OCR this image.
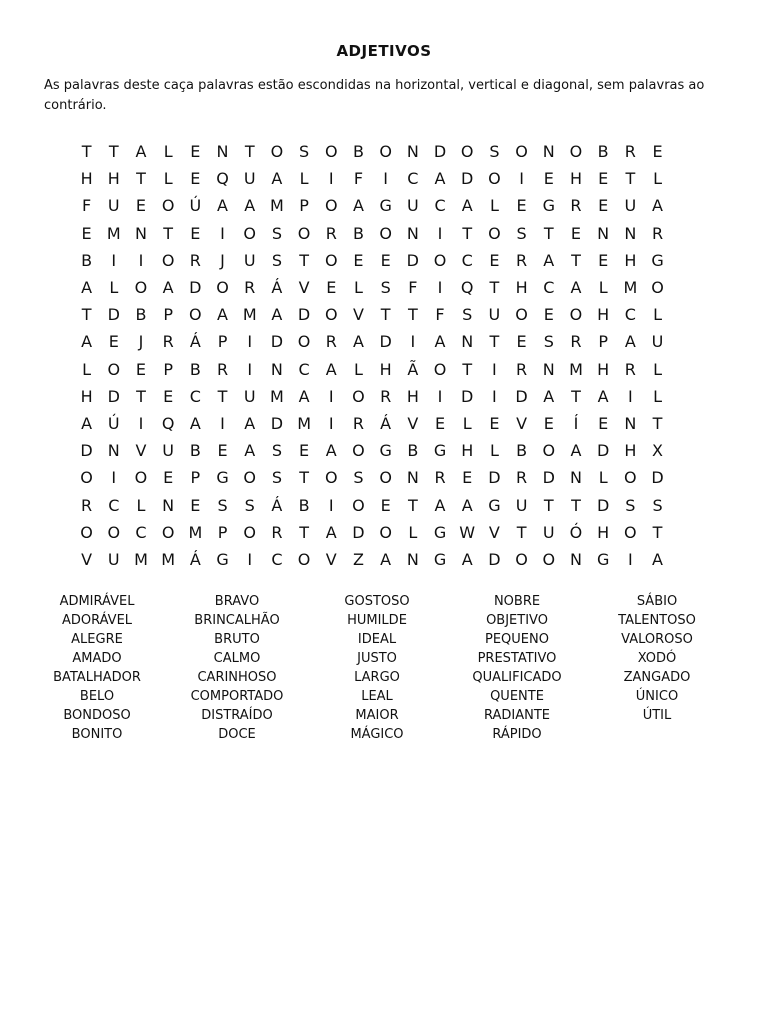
ADJETIVOS
As palavras deste caça palavras estão escondidas na horizontal, vertical e diagonal, sem palavras ao contrário.
T	T	A	L	E	N	T	O S O B O N D O S O N O B	R	E
H H	T	L	E Q U A	L	I	F	I	C	A D O	I	E	H	E	T	L
F	U	E O Ú A	A M P	O A G U C	A	L	E G R	E	U A
E M N	T	E	I	O S O R	B O N	I	T	O S	T	E	N N R
B	I	I	O R	J	U	S	T	O E	E D O C	E	R	A	T	E	H G
A	L	O A D O R	Á	V	E	L	S	F	I	Q	T	H C	A	L M O
T	D B	P	O A M A D O V	T	T	F	S	U O E O H C	L
A	E	J	R	Á	P	I	D O R	A D	I	A N	T	E	S	R	P	A U
L	O E	P	B	R	I	N C	A	L	H Ã O	T	I	R N M H R	L
H D	T	E	C	T	U M A	I	O R H	I	D	I	D A	T	A	I	L
A Ú	I	Q A	I	A D M	I	R	Á	V	E	L	E	V	E	Í	E	N	T
D N V U B	E	A	S	E	A O G B G H	L	B O A D H X
O	I	O E	P	G O S	T	O S O N R	E D R D N	L	O D
R	C	L	N	E	S	S	Á	B	I	O E	T	A	A G U	T	T	D S	S
O O C O M P	O R	T	A D O	L	G W V	T	U Ó H O	T
V U M M Á G	I	C O V	Z	A N G A D O O N G	I	A
ADMIRÁVEL
ADORÁVEL
ALEGRE
AMADO
BATALHADOR
BELO
BONDOSO
BONITO
BRAVO
BRINCALHÃO
BRUTO
CALMO
CARINHOSO
COMPORTADO
DISTRAÍDO
DOCE
GOSTOSO
HUMILDE
IDEAL
JUSTO
LARGO
LEAL
MAIOR
MÁGICO
NOBRE
OBJETIVO
PEQUENO
PRESTATIVO
QUALIFICADO
QUENTE
RADIANTE
RÁPIDO
SÁBIO
TALENTOSO
VALOROSO
XODÓ
ZANGADO
ÚNICO
ÚTIL
